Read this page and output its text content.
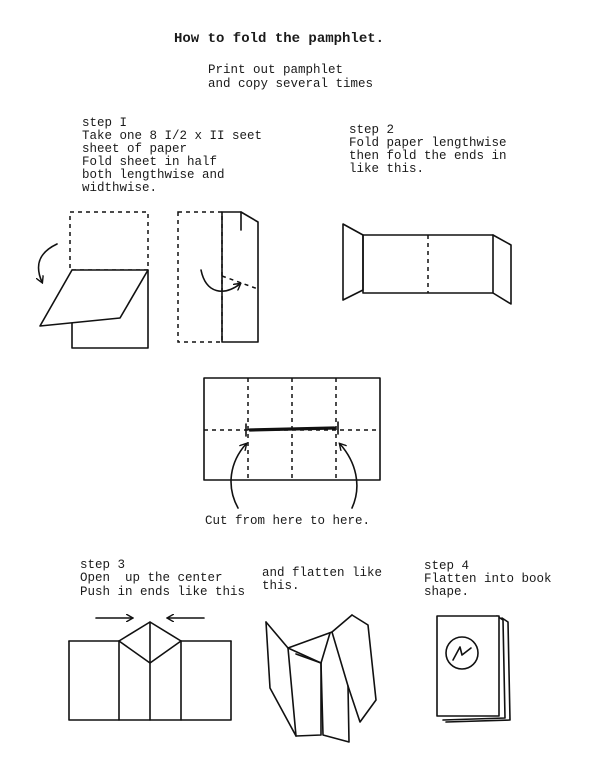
How to fold the pamphlet.
Print out pamphlet
and copy several times
step I
Take one 8 I/2 x II seet
sheet of paper
Fold sheet in half
both lengthwise and
widthwise.
step 2
Fold paper lengthwise
then fold the ends in
like this.
Cut from here to here.
step 3
Open  up the center
Push in ends like this
and flatten like
this.
step 4
Flatten into book
shape.
